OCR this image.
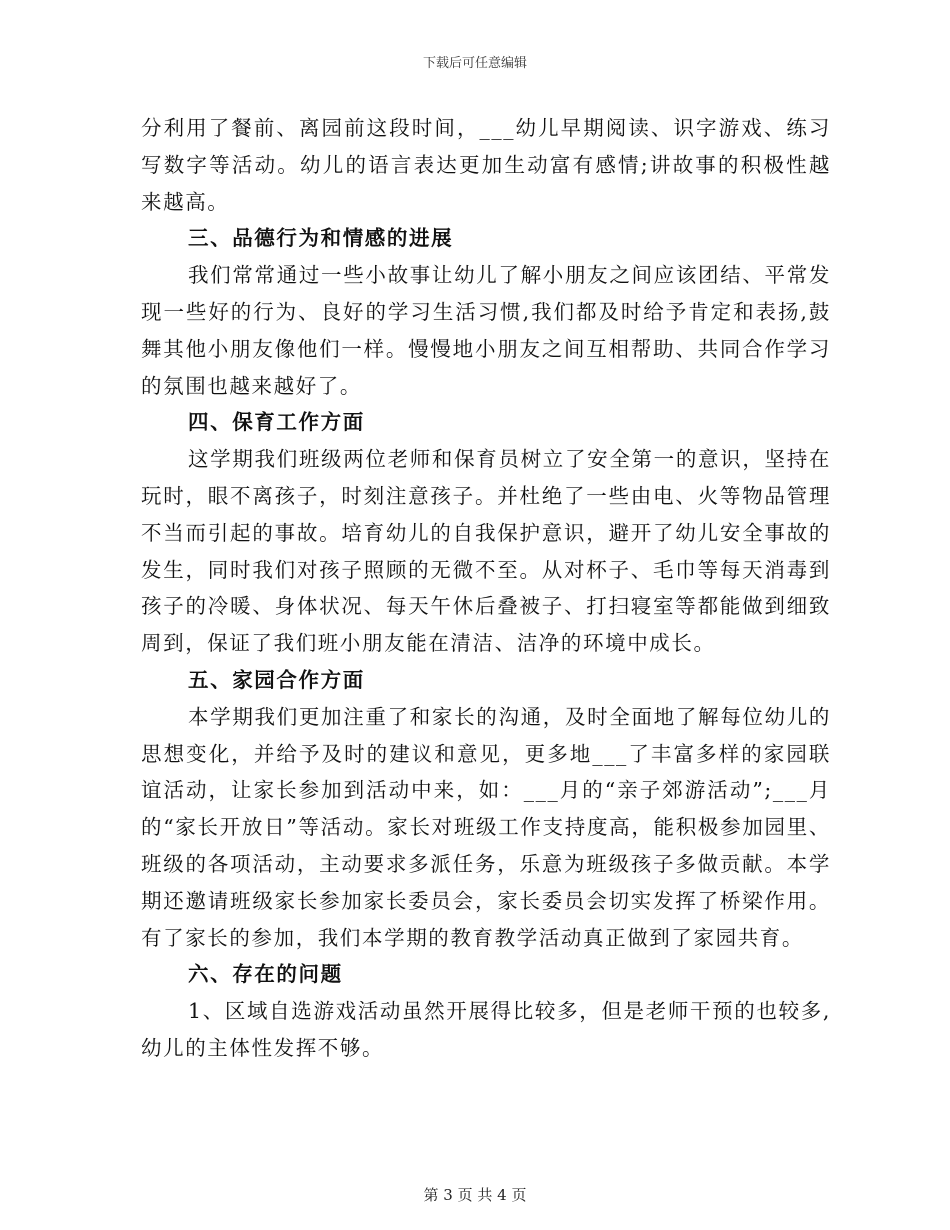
下载后可任意编辑

分利用了餐前、离园前这段时间，___幼儿早期阅读、识字游戏、练习写数字等活动。幼儿的语言表达更加生动富有感情;讲故事的积极性越来越高。

三、品德行为和情感的进展

我们常常通过一些小故事让幼儿了解小朋友之间应该团结、平常发现一些好的行为、良好的学习生活习惯,我们都及时给予肯定和表扬,鼓舞其他小朋友像他们一样。慢慢地小朋友之间互相帮助、共同合作学习的氛围也越来越好了。

四、保育工作方面

这学期我们班级两位老师和保育员树立了安全第一的意识，坚持在玩时，眼不离孩子，时刻注意孩子。并杜绝了一些由电、火等物品管理不当而引起的事故。培育幼儿的自我保护意识，避开了幼儿安全事故的发生，同时我们对孩子照顾的无微不至。从对杯子、毛巾等每天消毒到孩子的冷暖、身体状况、每天午休后叠被子、打扫寝室等都能做到细致周到，保证了我们班小朋友能在清洁、洁净的环境中成长。

五、家园合作方面

本学期我们更加注重了和家长的沟通，及时全面地了解每位幼儿的思想变化，并给予及时的建议和意见，更多地___了丰富多样的家园联谊活动，让家长参加到活动中来，如：___月的“亲子郊游活动”;___月的“家长开放日”等活动。家长对班级工作支持度高，能积极参加园里、班级的各项活动，主动要求多派任务，乐意为班级孩子多做贡献。本学期还邀请班级家长参加家长委员会，家长委员会切实发挥了桥梁作用。有了家长的参加，我们本学期的教育教学活动真正做到了家园共育。

六、存在的问题

1、区域自选游戏活动虽然开展得比较多，但是老师干预的也较多,幼儿的主体性发挥不够。

第 3 页 共 4 页
